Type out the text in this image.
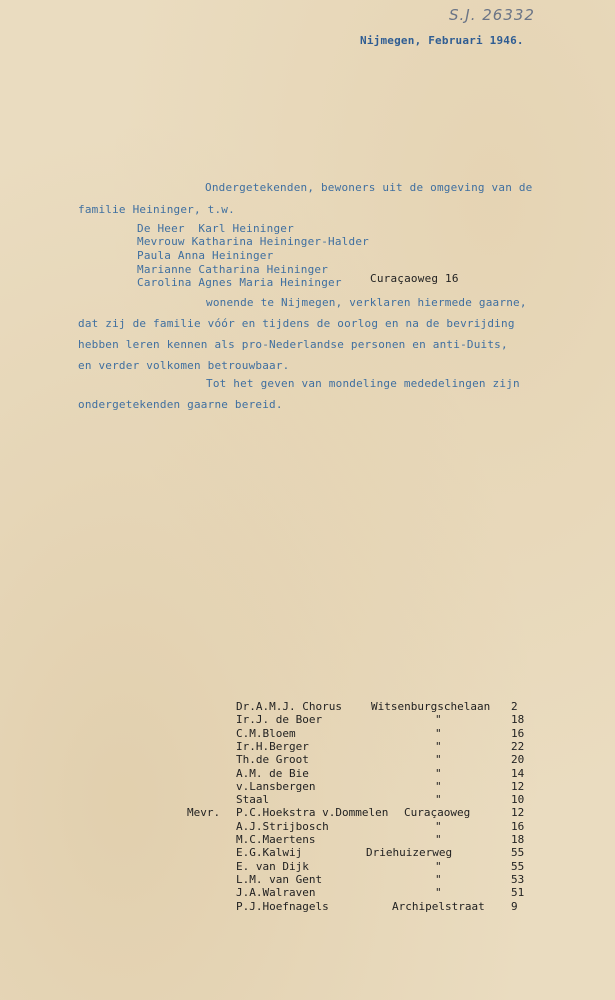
S.J. 26332
Nijmegen, Februari 1946.
Ondergetekenden, bewoners uit de omgeving van de
familie Heininger, t.w.
De Heer  Karl Heininger
Mevrouw Katharina Heininger-Halder
Paula Anna Heininger
Marianne Catharina Heininger
Carolina Agnes Maria Heininger	Curaçaoweg 16
wonende te Nijmegen, verklaren hiermede gaarne,
dat zij de familie vóór en tijdens de oorlog en na de bevrijding
hebben leren kennen als pro-Nederlandse personen en anti-Duits,
en verder volkomen betrouwbaar.
Tot het geven van mondelinge mededelingen zijn
ondergetekenden gaarne bereid.
Dr.A.M.J. Chorus	Witsenburgschelaan 2
Ir.J. de Boer	"	18
C.M.Bloem	"	16
Ir.H.Berger	"	22
Th.de Groot	"	20
A.M. de Bie	"	14
v.Lansbergen	"	12
Staal	"	10
Mevr. P.C.Hoekstra v.Dommelen Curaçaoweg	12
A.J.Strijbosch	"	16
M.C.Maertens	"	18
E.G.Kalwij	Driehuizerweg	55
E. van Dijk	"	55
L.M. van Gent	"	53
J.A.Walraven	"	51
P.J.Hoefnagels	Archipelstraat 9
